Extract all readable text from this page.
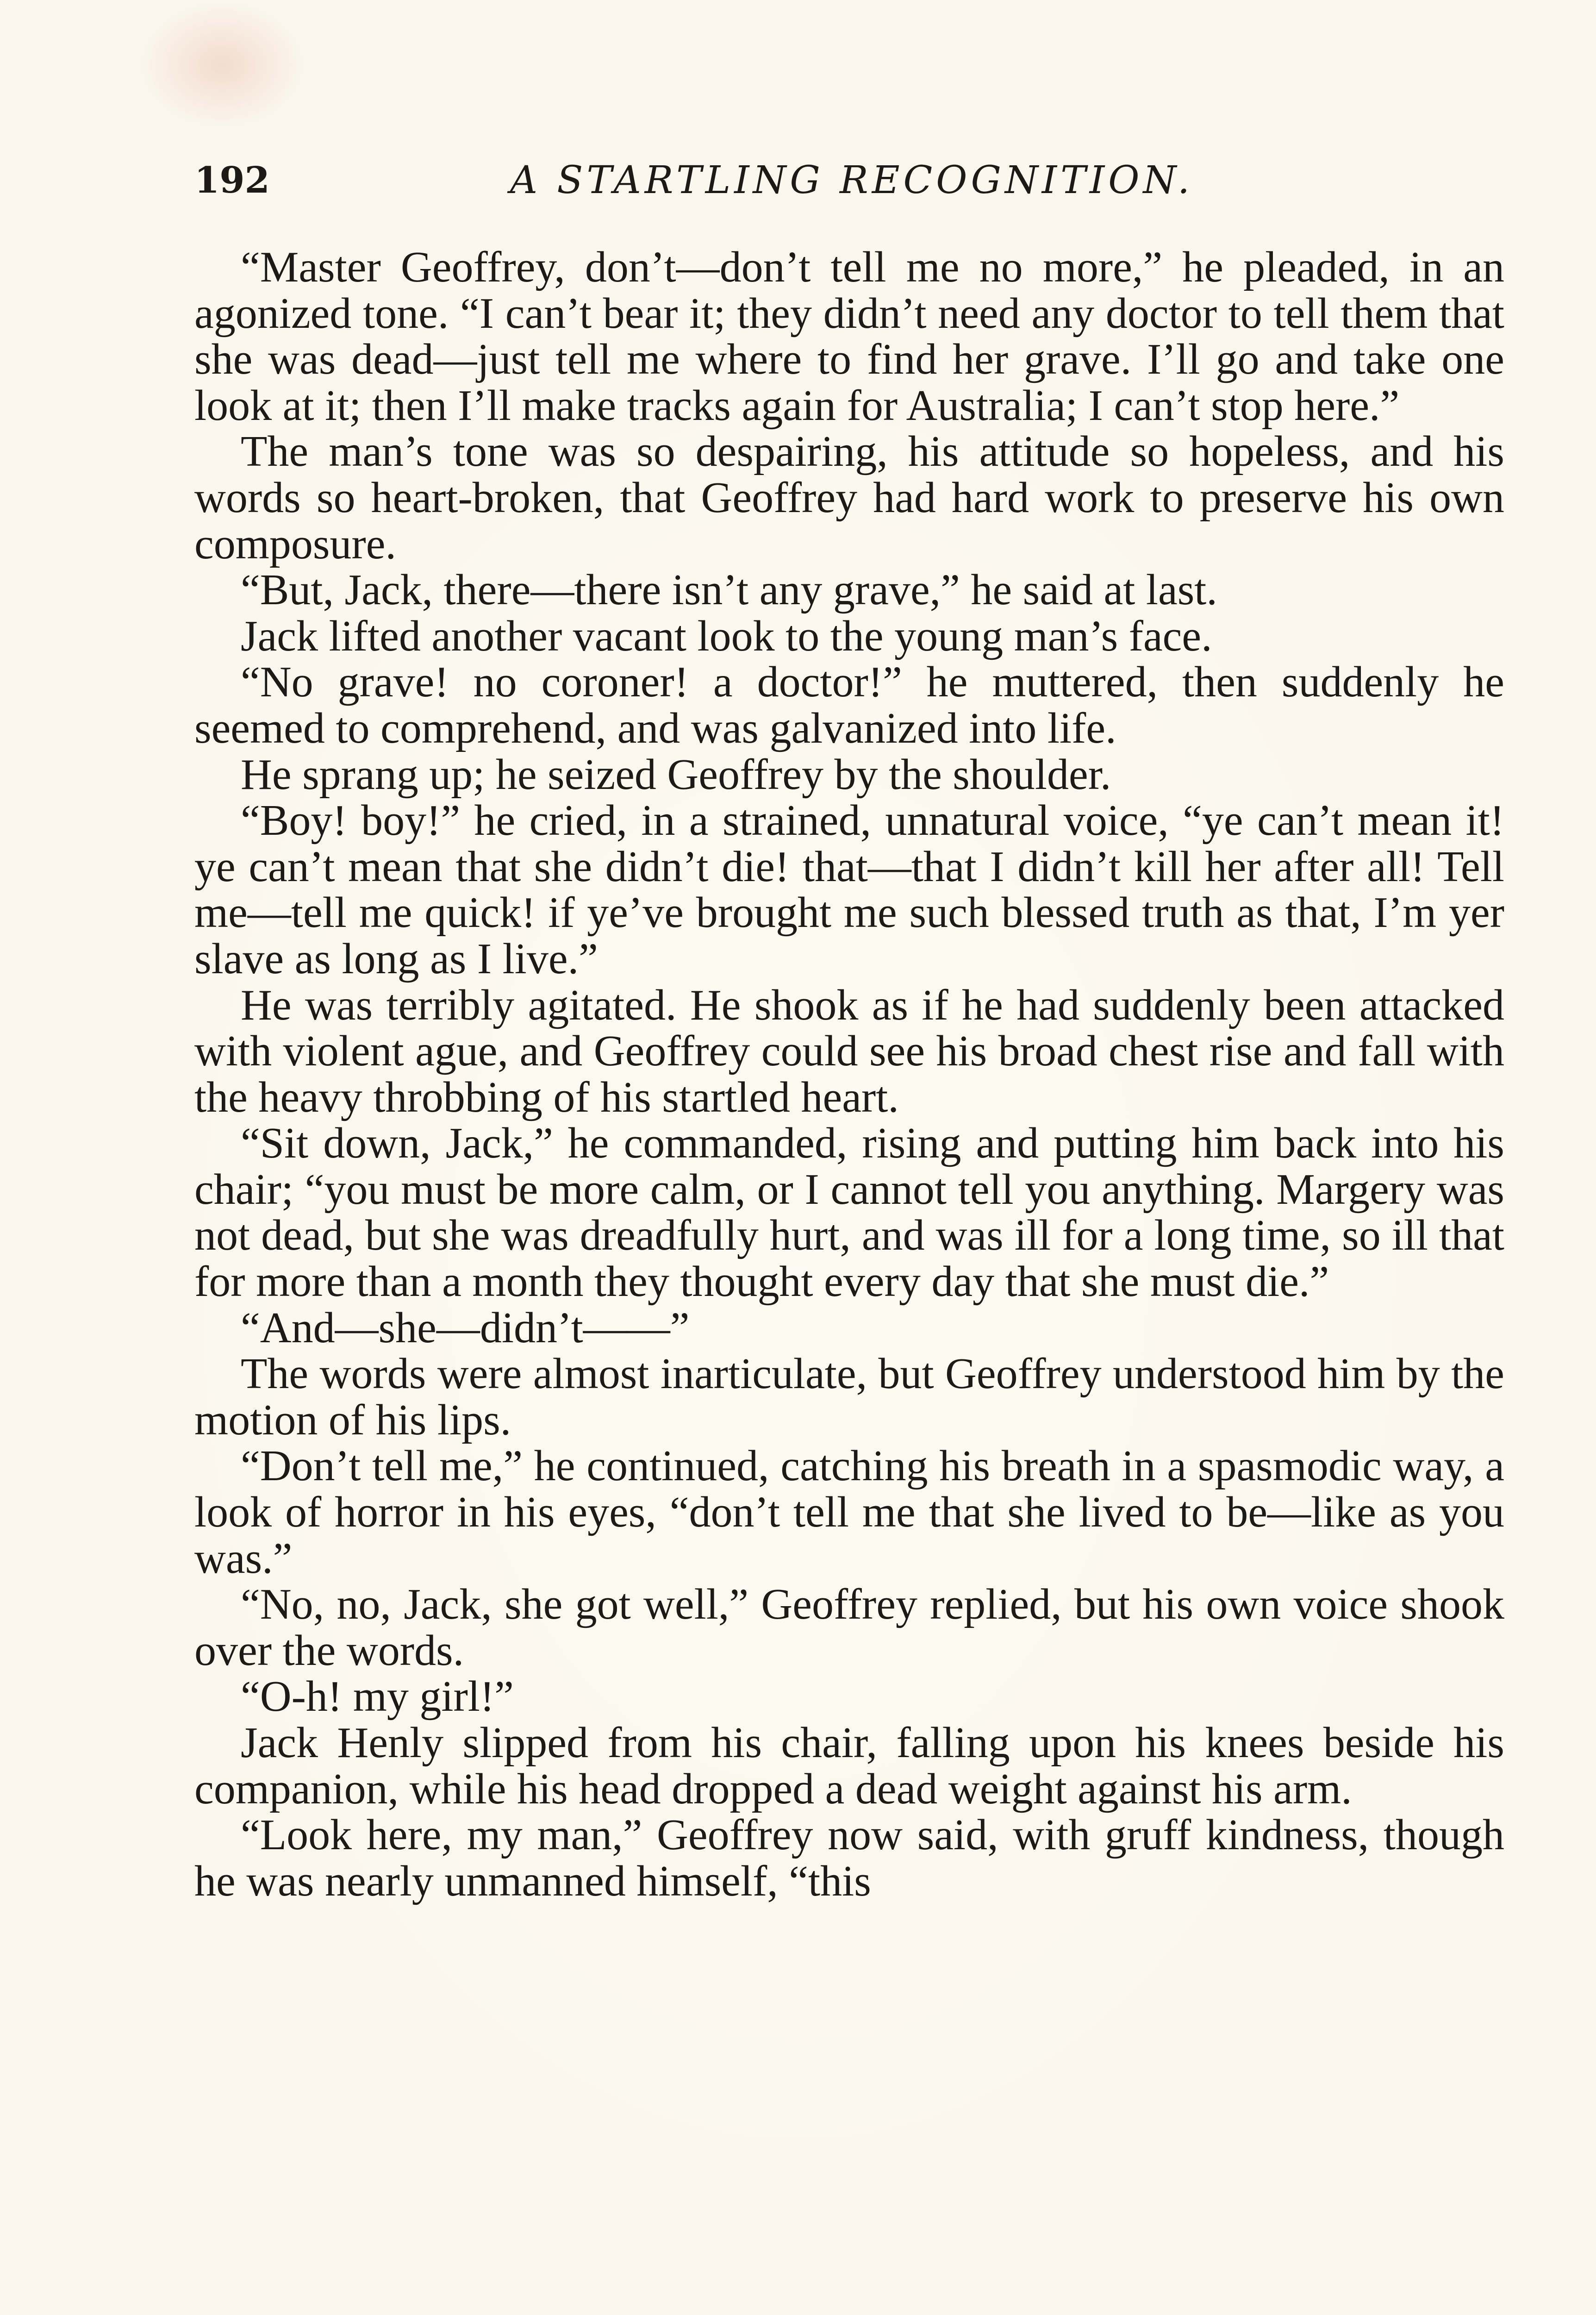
192	A STARTLING RECOGNITION.

“Master Geoffrey, don’t—don’t tell me no more,” he pleaded, in an agonized tone. “I can’t bear it; they didn’t need any doctor to tell them that she was dead—just tell me where to find her grave. I’ll go and take one look at it; then I’ll make tracks again for Australia; I can’t stop here.”

The man’s tone was so despairing, his attitude so hopeless, and his words so heart-broken, that Geoffrey had hard work to preserve his own composure.

“But, Jack, there—there isn’t any grave,” he said at last.

Jack lifted another vacant look to the young man’s face.

“No grave! no coroner! a doctor!” he muttered, then suddenly he seemed to comprehend, and was galvanized into life.

He sprang up; he seized Geoffrey by the shoulder.

“Boy! boy!” he cried, in a strained, unnatural voice, “ye can’t mean it! ye can’t mean that she didn’t die! that—that I didn’t kill her after all! Tell me—tell me quick! if ye’ve brought me such blessed truth as that, I’m yer slave as long as I live.”

He was terribly agitated. He shook as if he had suddenly been attacked with violent ague, and Geoffrey could see his broad chest rise and fall with the heavy throbbing of his startled heart.

“Sit down, Jack,” he commanded, rising and putting him back into his chair; “you must be more calm, or I cannot tell you anything. Margery was not dead, but she was dreadfully hurt, and was ill for a long time, so ill that for more than a month they thought every day that she must die.”

“And—she—didn’t——”

The words were almost inarticulate, but Geoffrey understood him by the motion of his lips.

“Don’t tell me,” he continued, catching his breath in a spasmodic way, a look of horror in his eyes, “don’t tell me that she lived to be—like as you was.”

“No, no, Jack, she got well,” Geoffrey replied, but his own voice shook over the words.

“O-h! my girl!”

Jack Henly slipped from his chair, falling upon his knees beside his companion, while his head dropped a dead weight against his arm.

“Look here, my man,” Geoffrey now said, with gruff kindness, though he was nearly unmanned himself, “this
